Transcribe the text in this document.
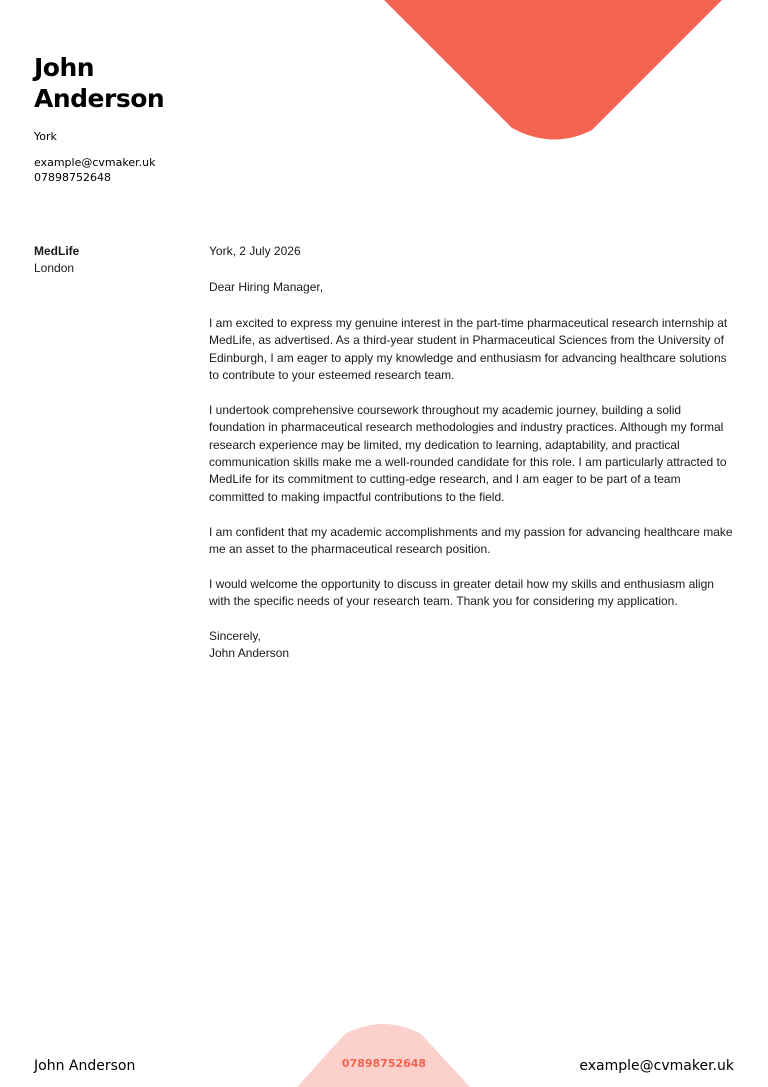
John
Anderson
York
example@cvmaker.uk
07898752648
MedLife
London

York, 2 July 2026

Dear Hiring Manager,

I am excited to express my genuine interest in the part-time pharmaceutical research internship at MedLife, as advertised. As a third-year student in Pharmaceutical Sciences from the University of Edinburgh, I am eager to apply my knowledge and enthusiasm for advancing healthcare solutions to contribute to your esteemed research team.

I undertook comprehensive coursework throughout my academic journey, building a solid foundation in pharmaceutical research methodologies and industry practices. Although my formal research experience may be limited, my dedication to learning, adaptability, and practical communication skills make me a well-rounded candidate for this role. I am particularly attracted to MedLife for its commitment to cutting-edge research, and I am eager to be part of a team committed to making impactful contributions to the field.

I am confident that my academic accomplishments and my passion for advancing healthcare make me an asset to the pharmaceutical research position.

I would welcome the opportunity to discuss in greater detail how my skills and enthusiasm align with the specific needs of your research team. Thank you for considering my application.

Sincerely,
John Anderson

John Anderson	07898752648	example@cvmaker.uk
